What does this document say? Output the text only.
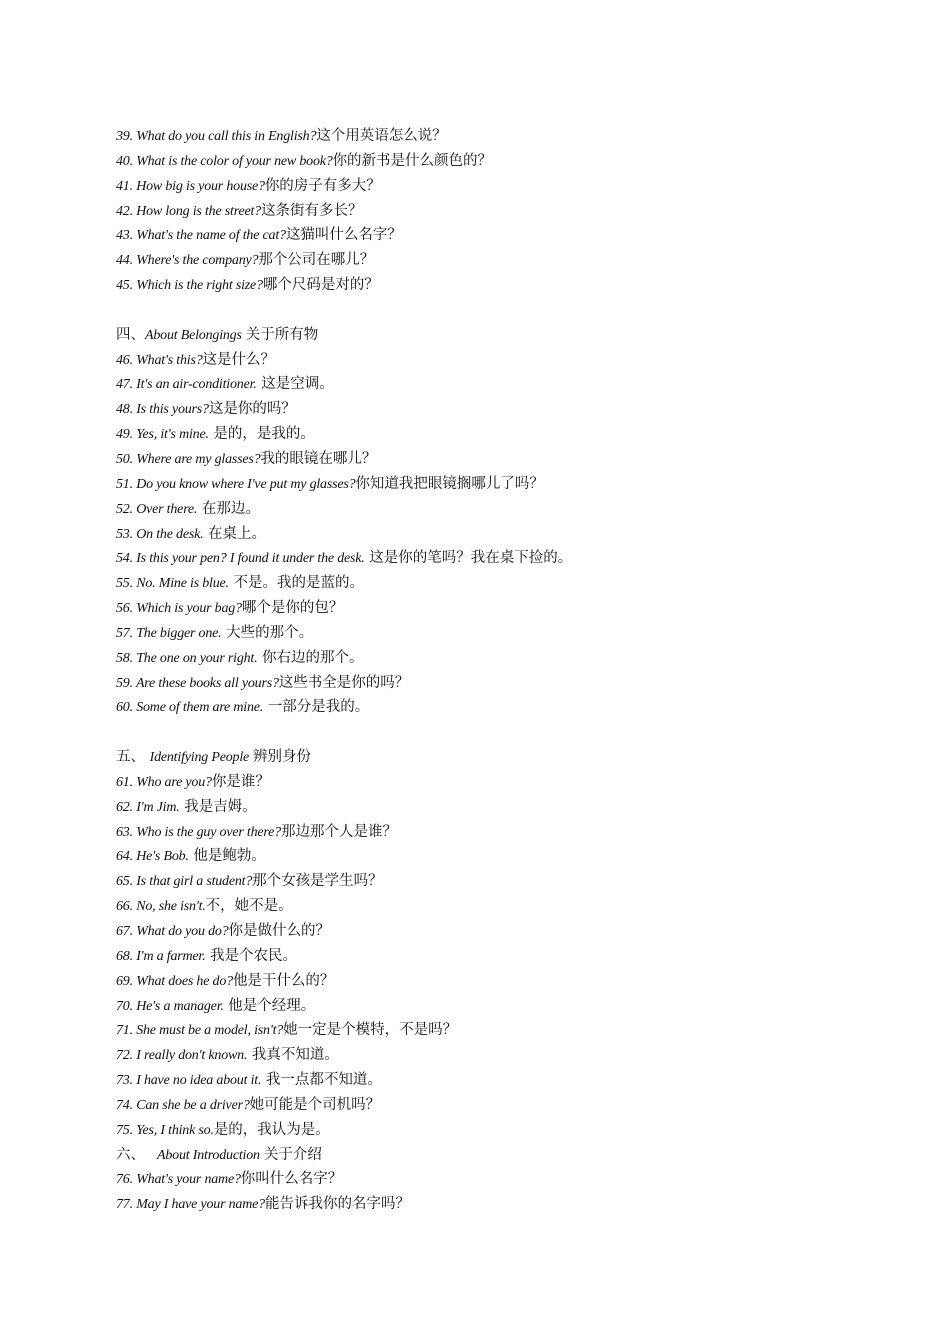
39. What do you call this in English?这个用英语怎么说？
40. What is the color of your new book?你的新书是什么颜色的？
41. How big is your house?你的房子有多大？
42. How long is the street?这条街有多长？
43. What's the name of the cat?这猫叫什么名字？
44. Where's the company?那个公司在哪儿？
45. Which is the right size?哪个尺码是对的？
四、About Belongings 关于所有物
46. What's this?这是什么？
47. It's an air-conditioner. 这是空调。
48. Is this yours?这是你的吗？
49. Yes, it's mine. 是的，是我的。
50. Where are my glasses?我的眼镜在哪儿？
51. Do you know where I've put my glasses?你知道我把眼镜搁哪儿了吗？
52. Over there. 在那边。
53. On the desk. 在桌上。
54. Is this your pen? I found it under the desk. 这是你的笔吗？我在桌下捡的。
55. No. Mine is blue. 不是。我的是蓝的。
56. Which is your bag?哪个是你的包？
57. The bigger one. 大些的那个。
58. The one on your right. 你右边的那个。
59. Are these books all yours?这些书全是你的吗？
60. Some of them are mine. 一部分是我的。
五、 Identifying People 辨别身份
61. Who are you?你是谁？
62. I'm Jim. 我是吉姆。
63. Who is the guy over there?那边那个人是谁？
64. He's Bob. 他是鲍勃。
65. Is that girl a student?那个女孩是学生吗？
66. No, she isn't.不，她不是。
67. What do you do?你是做什么的？
68. I'm a farmer. 我是个农民。
69. What does he do?他是干什么的？
70. He's a manager. 他是个经理。
71. She must be a model, isn't?她一定是个模特，不是吗？
72. I really don't known. 我真不知道。
73. I have no idea about it. 我一点都不知道。
74. Can she be a driver?她可能是个司机吗？
75. Yes, I think so.是的，我认为是。
六、 About Introduction 关于介绍
76. What's your name?你叫什么名字？
77. May I have your name?能告诉我你的名字吗？
